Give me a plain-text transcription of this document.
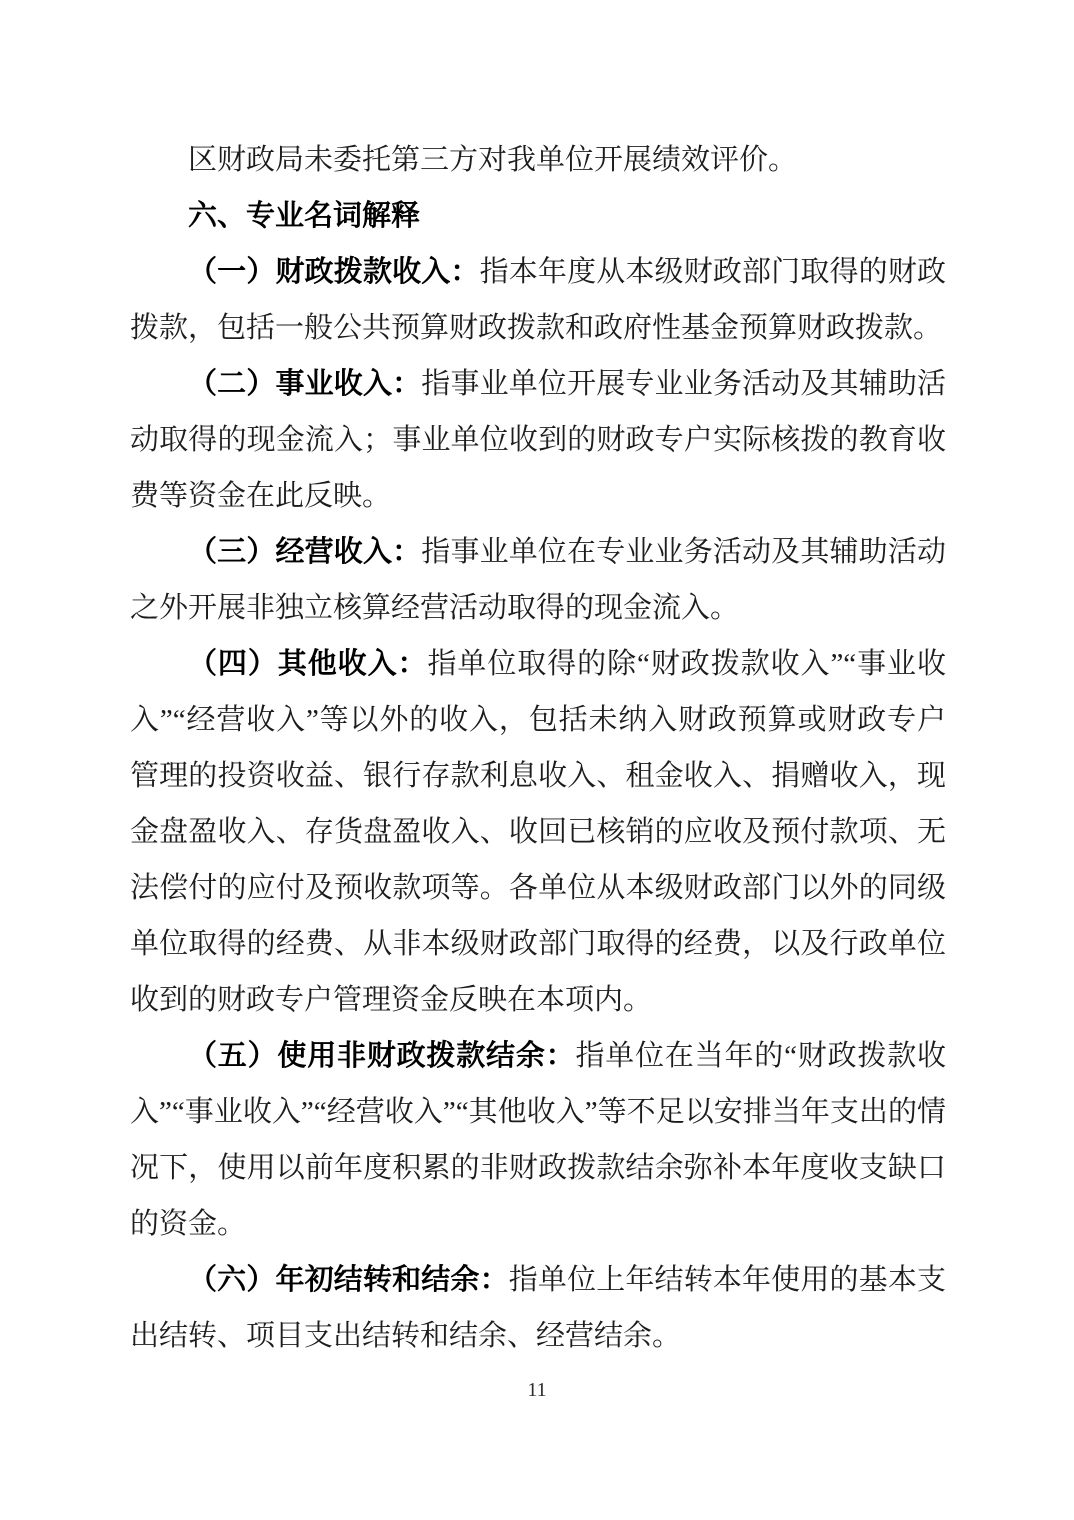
区财政局未委托第三方对我单位开展绩效评价。

六、专业名词解释

（一）财政拨款收入：指本年度从本级财政部门取得的财政拨款，包括一般公共预算财政拨款和政府性基金预算财政拨款。

（二）事业收入：指事业单位开展专业业务活动及其辅助活动取得的现金流入；事业单位收到的财政专户实际核拨的教育收费等资金在此反映。

（三）经营收入：指事业单位在专业业务活动及其辅助活动之外开展非独立核算经营活动取得的现金流入。

（四）其他收入：指单位取得的除“财政拨款收入”“事业收入”“经营收入”等以外的收入，包括未纳入财政预算或财政专户管理的投资收益、银行存款利息收入、租金收入、捐赠收入，现金盘盈收入、存货盘盈收入、收回已核销的应收及预付款项、无法偿付的应付及预收款项等。各单位从本级财政部门以外的同级单位取得的经费、从非本级财政部门取得的经费，以及行政单位收到的财政专户管理资金反映在本项内。

（五）使用非财政拨款结余：指单位在当年的“财政拨款收入”“事业收入”“经营收入”“其他收入”等不足以安排当年支出的情况下，使用以前年度积累的非财政拨款结余弥补本年度收支缺口的资金。

（六）年初结转和结余：指单位上年结转本年使用的基本支出结转、项目支出结转和结余、经营结余。

11
